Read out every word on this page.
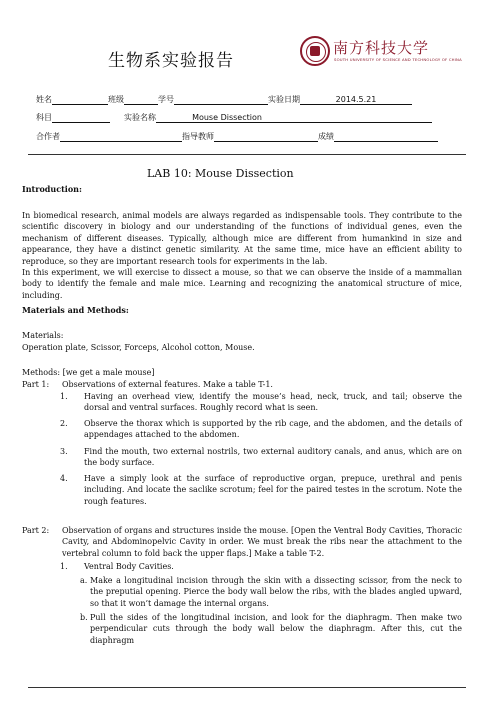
生物系实验报告
南方科技大学
SOUTH UNIVERSITY OF SCIENCE AND TECHNOLOGY OF CHINA
姓名	班级	学号	实验日期	2014.5.21
科目	实验名称	Mouse Dissection
合作者	指导教师	成绩
LAB 10: Mouse Dissection
Introduction:
In biomedical research, animal models are always regarded as indispensable tools. They contribute to the scientific discovery in biology and our understanding of the functions of individual genes, even the mechanism of different diseases. Typically, although mice are different from humankind in size and appearance, they have a distinct genetic similarity. At the same time, mice have an efficient ability to reproduce, so they are important research tools for experiments in the lab.
In this experiment, we will exercise to dissect a mouse, so that we can observe the inside of a mammalian body to identify the female and male mice. Learning and recognizing the anatomical structure of mice, including.
Materials and Methods:
Materials:
Operation plate, Scissor, Forceps, Alcohol cotton, Mouse.
Methods: [we get a male mouse]
Part 1: Observations of external features. Make a table T-1.
1. Having an overhead view, identify the mouse’s head, neck, truck, and tail; observe the dorsal and ventral surfaces. Roughly record what is seen.
2. Observe the thorax which is supported by the rib cage, and the abdomen, and the details of appendages attached to the abdomen.
3. Find the mouth, two external nostrils, two external auditory canals, and anus, which are on the body surface.
4. Have a simply look at the surface of reproductive organ, prepuce, urethral and penis including. And locate the saclike scrotum; feel for the paired testes in the scrotum. Note the rough features.
Part 2: Observation of organs and structures inside the mouse. [Open the Ventral Body Cavities, Thoracic Cavity, and Abdominopelvic Cavity in order. We must break the ribs near the attachment to the vertebral column to fold back the upper flaps.] Make a table T-2.
1. Ventral Body Cavities.
a. Make a longitudinal incision through the skin with a dissecting scissor, from the neck to the preputial opening. Pierce the body wall below the ribs, with the blades angled upward, so that it won’t damage the internal organs.
b. Pull the sides of the longitudinal incision, and look for the diaphragm. Then make two perpendicular cuts through the body wall below the diaphragm. After this, cut the diaphragm
